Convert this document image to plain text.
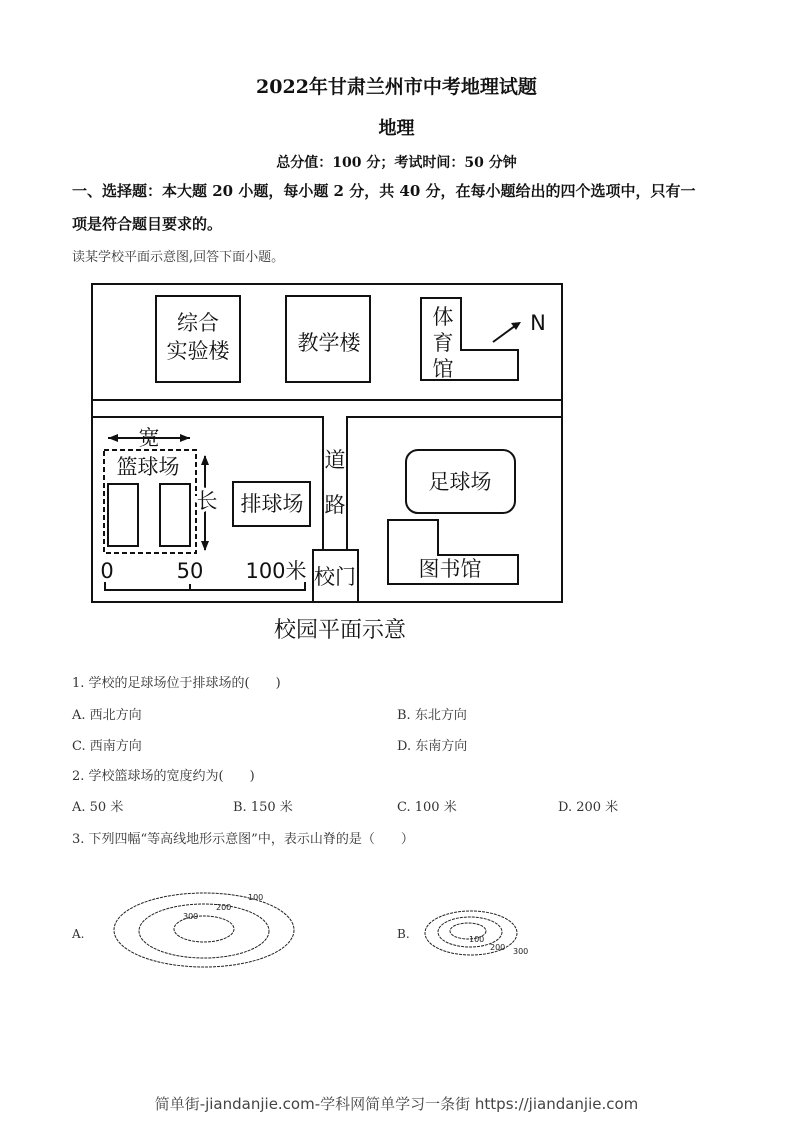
2022年甘肃兰州市中考地理试题
地理
总分值：100 分；考试时间：50 分钟
一、选择题：本大题 20 小题，每小题 2 分，共 40 分，在每小题给出的四个选项中，只有一
项是符合题目要求的。
读某学校平面示意图,回答下面小题。
综合
实验楼	教学楼
体
育
馆
N
道
路
校门
宽
长
篮球场
排球场
足球场
图书馆
0	50 100米
校园平面示意
1. 学校的足球场位于排球场的(　　)
A. 西北方向	B. 东北方向
C. 西南方向	D. 东南方向
2. 学校篮球场的宽度约为(　　)
A. 50 米	B. 150 米	C. 100 米	D. 200 米
3. 下列四幅“等高线地形示意图”中，表示山脊的是（　　）
A.	B.
100
200
300
100
200 300
简单街-jiandanjie.com-学科网简单学习一条街 https://jiandanjie.com
